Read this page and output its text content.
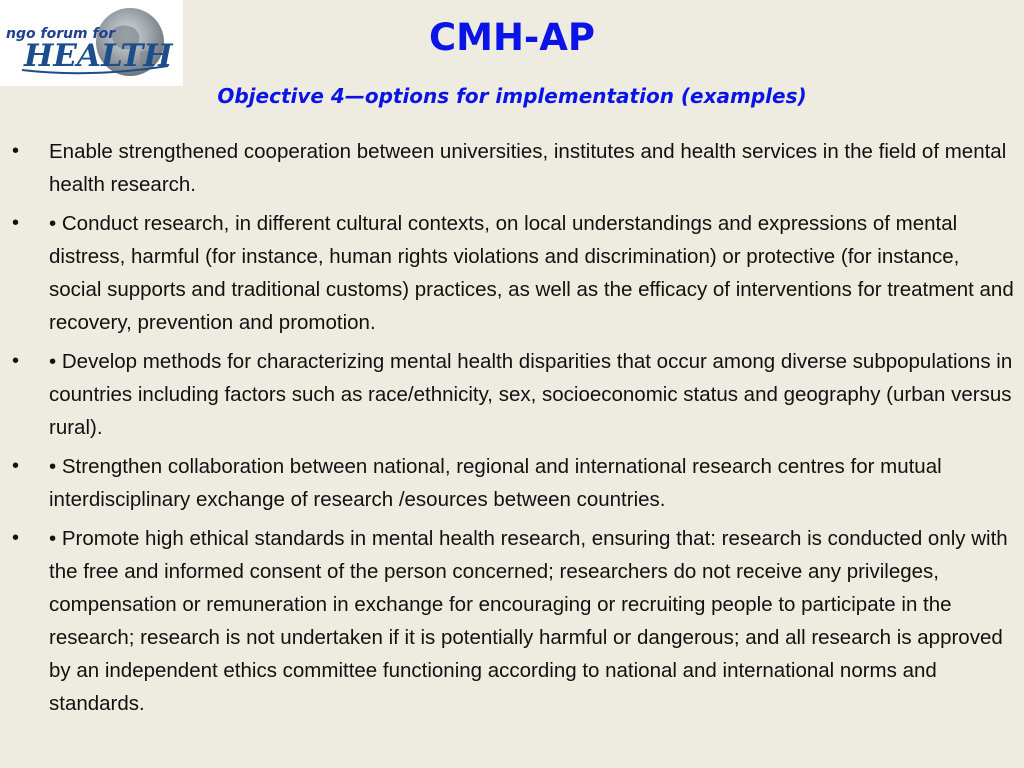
ngo forum for
HEALTH	CMH-AP
Objective 4—options for implementation (examples)
•	Enable strengthened cooperation between universities, institutes and health services in the field of mental health research.
•	• Conduct research, in different cultural contexts, on local understandings and expressions of mental distress, harmful (for instance, human rights violations and discrimination) or protective (for instance, social supports and traditional customs) practices, as well as the efficacy of interventions for treatment and recovery, prevention and promotion.
•	• Develop methods for characterizing mental health disparities that occur among diverse subpopulations in countries including factors such as race/ethnicity, sex, socioeconomic status and geography (urban versus rural).
•	• Strengthen collaboration between national, regional and international research centres for mutual interdisciplinary exchange of research /esources between countries.
•	• Promote high ethical standards in mental health research, ensuring that: research is conducted only with the free and informed consent of the person concerned; researchers do not receive any privileges, compensation or remuneration in exchange for encouraging or recruiting people to participate in the research; research is not undertaken if it is potentially harmful or dangerous; and all research is approved by an independent ethics committee functioning according to national and international norms and standards.
